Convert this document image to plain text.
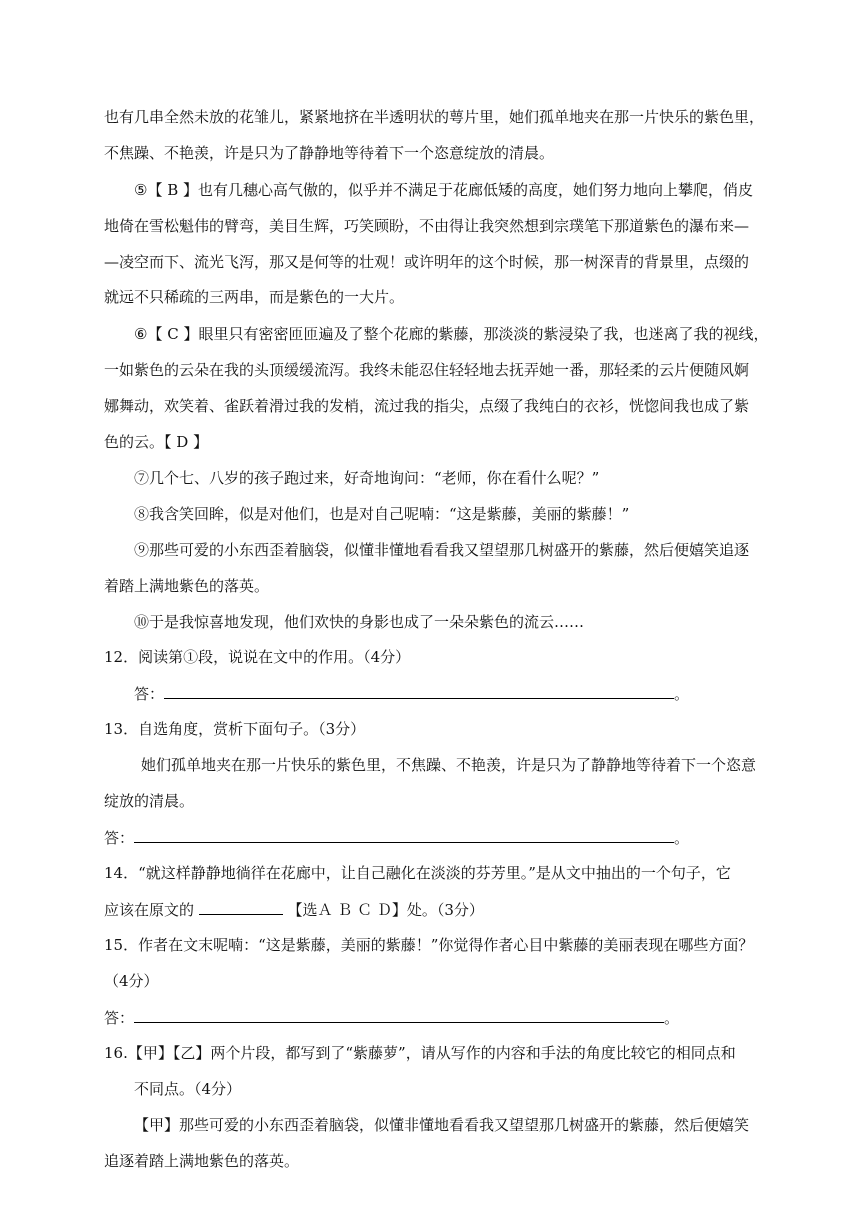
也有几串全然未放的花雏儿，紧紧地挤在半透明状的萼片里，她们孤单地夹在那一片快乐的紫色里，
不焦躁、不艳羡，许是只为了静静地等待着下一个恣意绽放的清晨。
⑤【 B 】也有几穗心高气傲的，似乎并不满足于花廊低矮的高度，她们努力地向上攀爬，俏皮
地倚在雪松魁伟的臂弯，美目生辉，巧笑顾盼，不由得让我突然想到宗璞笔下那道紫色的瀑布来—
—凌空而下、流光飞泻，那又是何等的壮观！或许明年的这个时候，那一树深青的背景里，点缀的
就远不只稀疏的三两串，而是紫色的一大片。
⑥【 C 】眼里只有密密匝匝遍及了整个花廊的紫藤，那淡淡的紫浸染了我，也迷离了我的视线，
一如紫色的云朵在我的头顶缓缓流泻。我终未能忍住轻轻地去抚弄她一番，那轻柔的云片便随风婀
娜舞动，欢笑着、雀跃着滑过我的发梢，流过我的指尖，点缀了我纯白的衣衫，恍惚间我也成了紫
色的云。【 D 】
⑦几个七、八岁的孩子跑过来，好奇地询问：“老师，你在看什么呢？”
⑧我含笑回眸，似是对他们，也是对自己呢喃：“这是紫藤，美丽的紫藤！”
⑨那些可爱的小东西歪着脑袋，似懂非懂地看看我又望望那几树盛开的紫藤，然后便嬉笑追逐
着踏上满地紫色的落英。
⑩于是我惊喜地发现，他们欢快的身影也成了一朵朵紫色的流云……
12．阅读第①段，说说在文中的作用。（4分）
答：	。
13．自选角度，赏析下面句子。（3分）
她们孤单地夹在那一片快乐的紫色里，不焦躁、不艳羡，许是只为了静静地等待着下一个恣意
绽放的清晨。
答：	。
14．“就这样静静地徜徉在花廊中，让自己融化在淡淡的芬芳里。”是从文中抽出的一个句子，它
应该在原文的	【选Ａ Ｂ Ｃ Ｄ】处。（3分）
15．作者在文末呢喃：“这是紫藤，美丽的紫藤！”你觉得作者心目中紫藤的美丽表现在哪些方面？
（4分）
答：	。
16.【甲】【乙】两个片段，都写到了“紫藤萝”，请从写作的内容和手法的角度比较它的相同点和
不同点。（4分）
【甲】那些可爱的小东西歪着脑袋，似懂非懂地看看我又望望那几树盛开的紫藤，然后便嬉笑
追逐着踏上满地紫色的落英。
